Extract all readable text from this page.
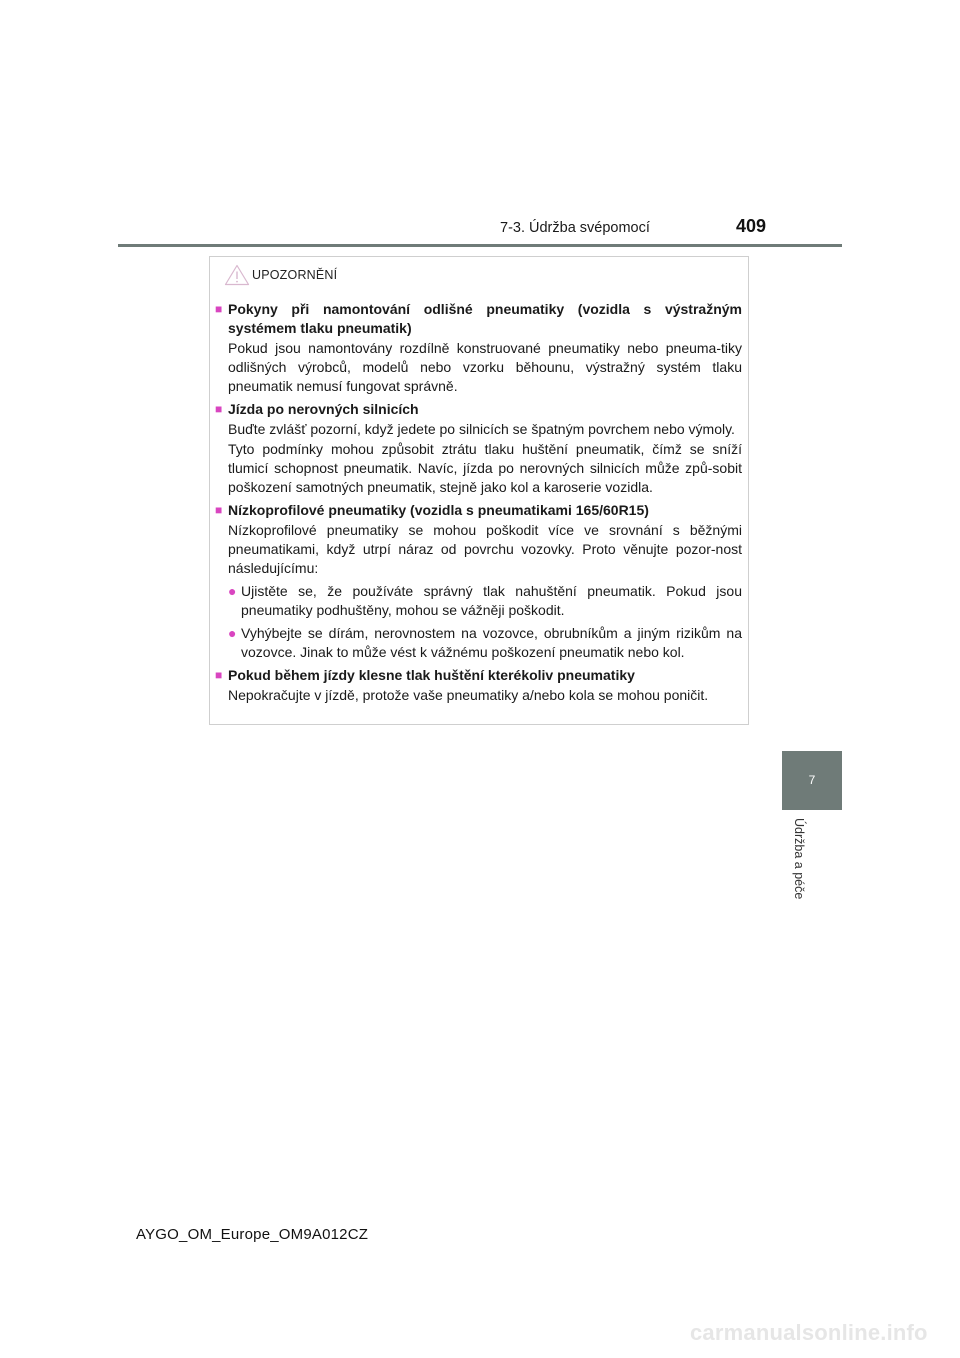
7-3. Údržba svépomocí	409
7
Údržba a péče
UPOZORNĚNÍ
■ Pokyny při namontování odlišné pneumatiky (vozidla s výstražným systémem tlaku pneumatik)

Pokud jsou namontovány rozdílně konstruované pneumatiky nebo pneuma-tiky odlišných výrobců, modelů nebo vzorku běhounu, výstražný systém tlaku pneumatik nemusí fungovat správně.

■ Jízda po nerovných silnicích

Buďte zvlášť pozorní, když jedete po silnicích se špatným povrchem nebo výmoly.

Tyto podmínky mohou způsobit ztrátu tlaku huštění pneumatik, čímž se sníží tlumicí schopnost pneumatik. Navíc, jízda po nerovných silnicích může způ-sobit poškození samotných pneumatik, stejně jako kol a karoserie vozidla.

■ Nízkoprofilové pneumatiky (vozidla s pneumatikami 165/60R15)

Nízkoprofilové pneumatiky se mohou poškodit více ve srovnání s běžnými pneumatikami, když utrpí náraz od povrchu vozovky. Proto věnujte pozor-nost následujícímu:

● Ujistěte se, že používáte správný tlak nahuštění pneumatik. Pokud jsou pneumatiky podhuštěny, mohou se vážněji poškodit.
● Vyhýbejte se dírám, nerovnostem na vozovce, obrubníkům a jiným rizikům na vozovce. Jinak to může vést k vážnému poškození pneumatik nebo kol.
■ Pokud během jízdy klesne tlak huštění kterékoliv pneumatiky

Nepokračujte v jízdě, protože vaše pneumatiky a/nebo kola se mohou poničit.

AYGO_OM_Europe_OM9A012CZ
carmanualsonline.info
